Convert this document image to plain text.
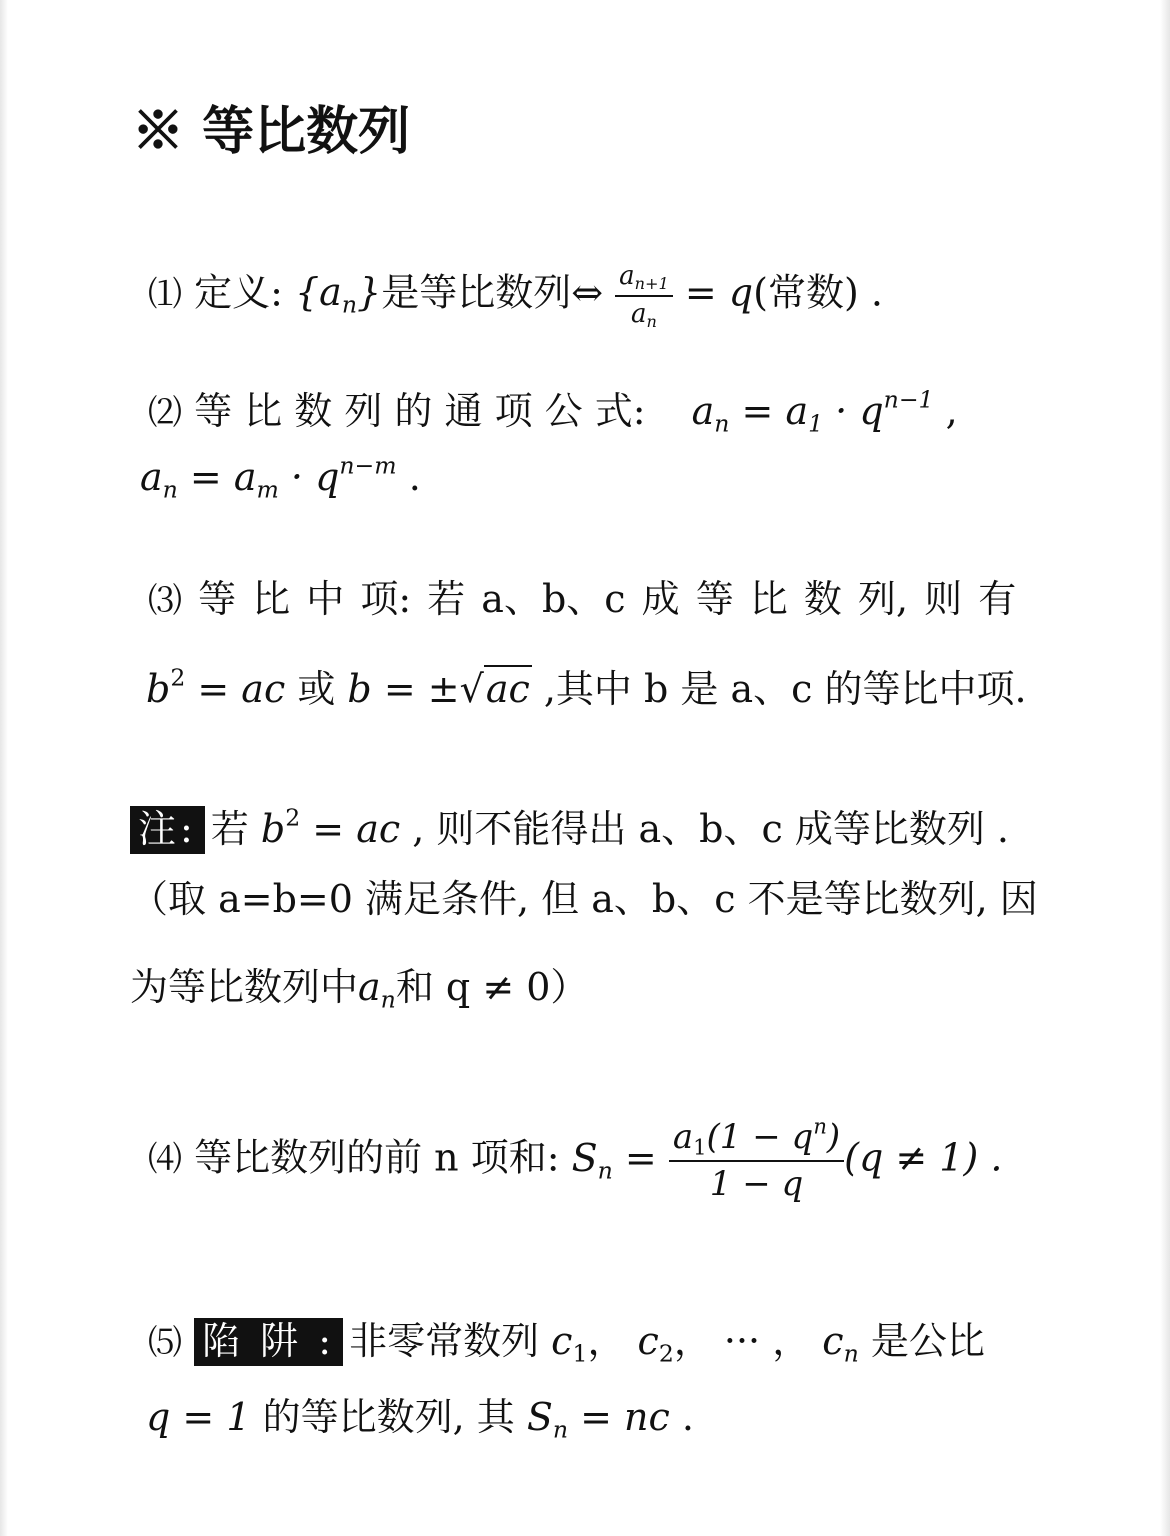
※ 等比数列
⑴ 定义: $\{a_n\}$是等比数列⇔ $\frac{a_{n+1}}{a_n} = q$(常数) .
⑵ 等 比 数 列 的 通 项 公 式: $a_n = a_1 \cdot q^{n-1}$ ,
$a_n = a_m \cdot q^{n-m}$ .
⑶ 等 比 中 项: 若 a、b、c 成 等 比 数 列, 则 有
$b^2$ = ac 或 b = ±√ac ,其中 b 是 a、c 的等比中项.
注: 若 $b^2$ = ac , 则不能得出 a、b、c 成等比数列 .
（取 a=b=0 满足条件, 但 a、b、c 不是等比数列, 因
为等比数列中$a_n$和 q ≠ 0）
⑷ 等比数列的前 n 项和: $S_n = \frac{a_1(1 - q^n)}{1 - q} (q \ne 1)$ .
⑸ 陷 阱 : 非零常数列 $c_1$， $c_2$， ··· ， $c_n$ 是公比
q = 1 的等比数列, 其 $S_n$ = nc .
